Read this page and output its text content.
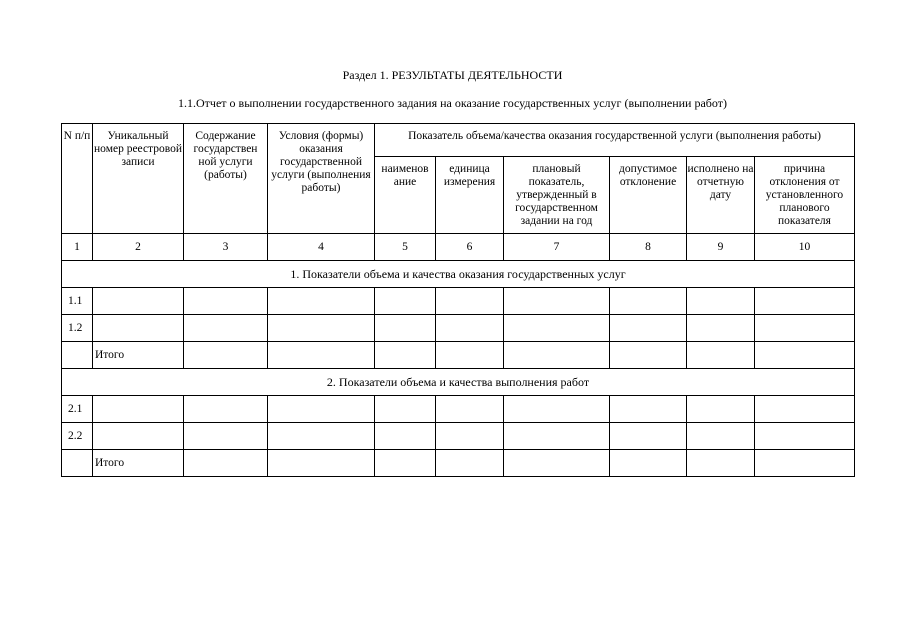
Раздел 1. РЕЗУЛЬТАТЫ ДЕЯТЕЛЬНОСТИ
1.1.Отчет о выполнении государственного задания на оказание государственных услуг (выполнении работ)
N п/п	Уникальный номер реестровой записи	Содержание государствен ной услуги (работы)	Условия (формы) оказания государственной услуги (выполнения работы)	Показатель объема/качества оказания государственной услуги (выполнения работы)					
				наименов ание	единица измерения	плановый показатель, утвержденный в государственном задании на год	допустимое отклонение	исполнено на отчетную дату	причина отклонения от установленного планового показателя
1	2	3	4	5	6	7	8	9	10
1. Показатели объема и качества оказания государственных услуг									
1.1									
1.2									
	Итого								
2. Показатели объема и качества выполнения работ									
2.1									
2.2									
	Итого								
